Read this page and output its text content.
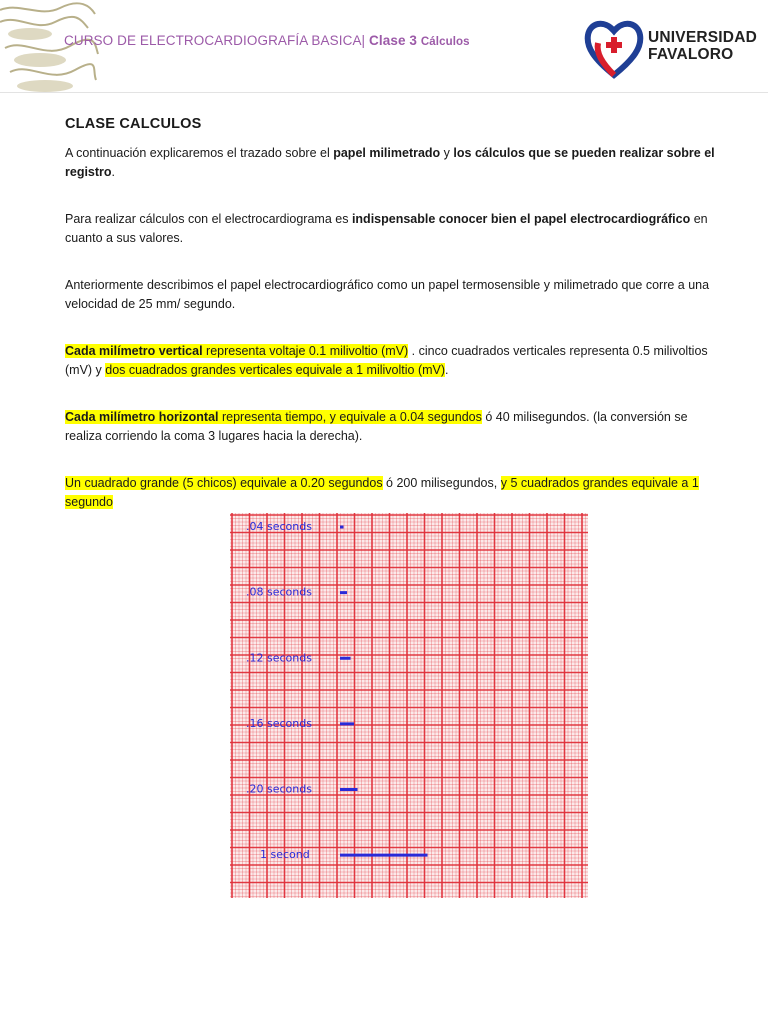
CURSO DE ELECTROCARDIOGRAFÍA BASICA| Clase 3 Cálculos	UNIVERSIDAD
FAVALORO
CLASE CALCULOS

A continuación explicaremos el trazado sobre el papel milimetrado y los cálculos que se pueden realizar sobre el registro.

Para realizar cálculos con el electrocardiograma es indispensable conocer bien el papel electrocardiográfico en cuanto a sus valores.

Anteriormente describimos el papel electrocardiográfico como un papel termosensible y milimetrado que corre a una velocidad de 25 mm/ segundo.

Cada milímetro vertical representa voltaje 0.1 milivoltio (mV) . cinco cuadrados verticales representa 0.5 milivoltios (mV) y dos cuadrados grandes verticales equivale a 1 milivoltio (mV).

Cada milímetro horizontal representa tiempo, y equivale a 0.04 segundos ó 40 milisegundos. (la conversión se realiza corriendo la coma 3 lugares hacia la derecha).

Un cuadrado grande (5 chicos) equivale a 0.20 segundos ó 200 milisegundos, y 5 cuadrados grandes equivale a 1 segundo

.04 seconds
.08 seconds
.12 seconds
.16 seconds
.20 seconds
1 second
